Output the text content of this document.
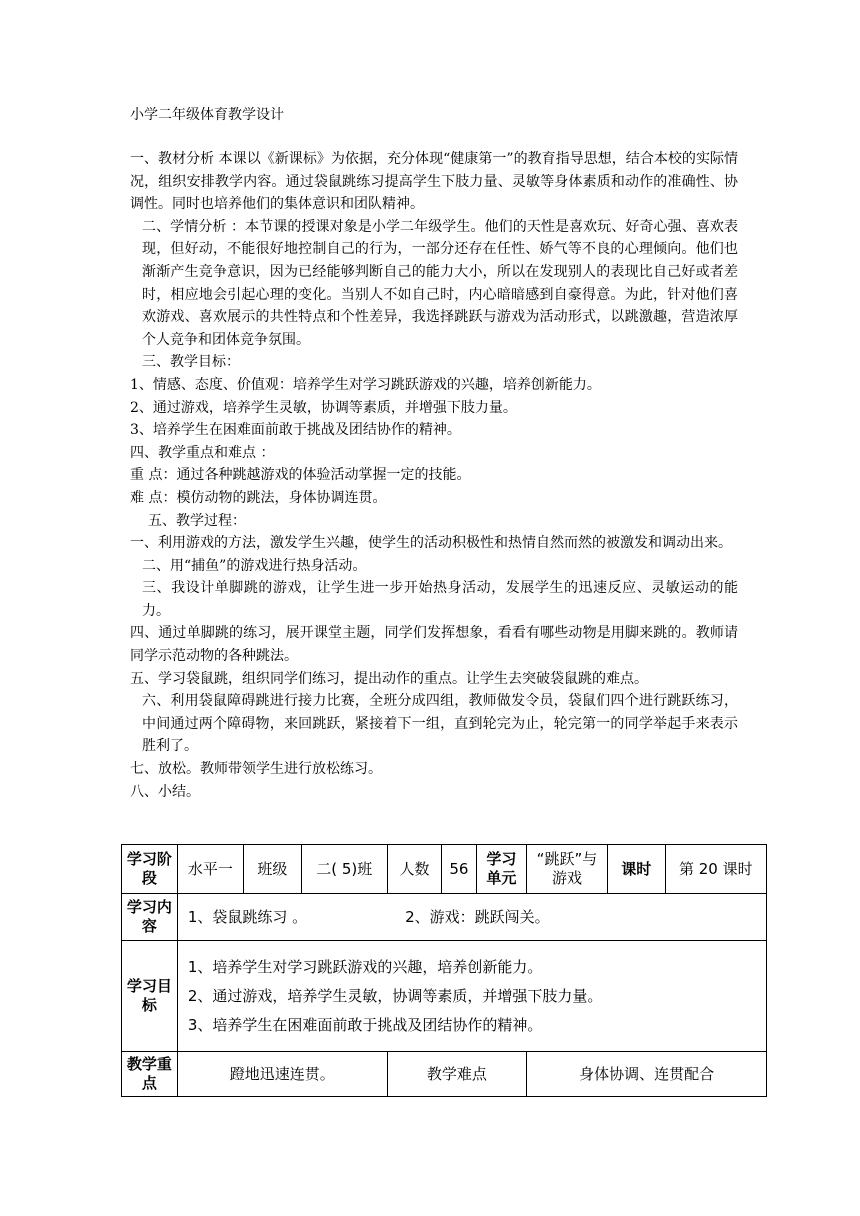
小学二年级体育教学设计

一、教材分析 本课以《新课标》为依据，充分体现“健康第一”的教育指导思想，结合本校的实际情况，组织安排教学内容。通过袋鼠跳练习提高学生下肢力量、灵敏等身体素质和动作的准确性、协调性。同时也培养他们的集体意识和团队精神。

二、学情分析 ：本节课的授课对象是小学二年级学生。他们的天性是喜欢玩、好奇心强、喜欢表现，但好动，不能很好地控制自己的行为，一部分还存在任性、娇气等不良的心理倾向。他们也渐渐产生竞争意识，因为已经能够判断自己的能力大小，所以在发现别人的表现比自己好或者差时，相应地会引起心理的变化。当别人不如自己时，内心暗暗感到自豪得意。为此，针对他们喜欢游戏、喜欢展示的共性特点和个性差异，我选择跳跃与游戏为活动形式，以跳激趣，营造浓厚个人竞争和团体竞争氛围。

三、教学目标：

1、情感、态度、价值观：培养学生对学习跳跃游戏的兴趣，培养创新能力。

2、通过游戏，培养学生灵敏，协调等素质，并增强下肢力量。

3、培养学生在困难面前敢于挑战及团结协作的精神。

四、教学重点和难点 ：

重 点：通过各种跳越游戏的体验活动掌握一定的技能。

难 点：模仿动物的跳法，身体协调连贯。

五、教学过程：

一、利用游戏的方法，激发学生兴趣，使学生的活动积极性和热情自然而然的被激发和调动出来。

二、用“捕鱼”的游戏进行热身活动。

三、我设计单脚跳的游戏，让学生进一步开始热身活动，发展学生的迅速反应、灵敏运动的能力。

四、通过单脚跳的练习，展开课堂主题，同学们发挥想象，看看有哪些动物是用脚来跳的。教师请同学示范动物的各种跳法。

五、学习袋鼠跳，组织同学们练习，提出动作的重点。让学生去突破袋鼠跳的难点。

六、利用袋鼠障碍跳进行接力比赛，全班分成四组，教师做发令员，袋鼠们四个进行跳跃练习，中间通过两个障碍物，来回跳跃，紧接着下一组，直到轮完为止，轮完第一的同学举起手来表示胜利了。

七、放松。教师带领学生进行放松练习。

八、小结。

学习阶段	水平一	班级	二( 5)班	人数	56	学习单元	“跳跃”与游戏	课时	第 20 课时
学习内容	1、袋鼠跳练习 。 2、游戏：跳跃闯关。								
学习目标	1、培养学生对学习跳跃游戏的兴趣，培养创新能力。
2、通过游戏，培养学生灵敏，协调等素质，并增强下肢力量。
3、培养学生在困难面前敢于挑战及团结协作的精神。								

教学重点	蹬地迅速连贯。			教学难点			身体协调、连贯配合		
